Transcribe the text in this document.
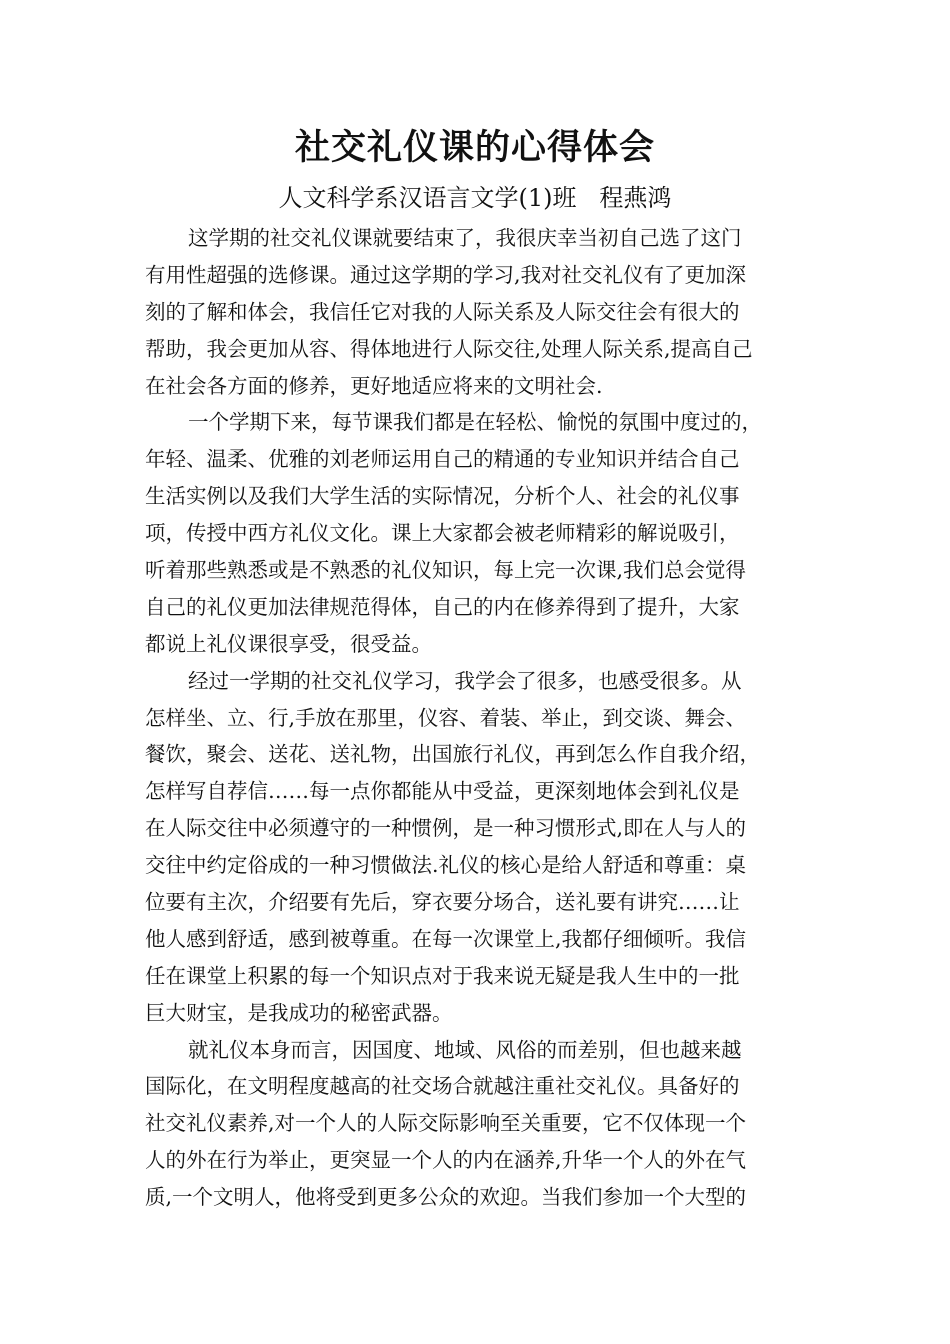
社交礼仪课的心得体会

人文科学系汉语言文学(1)班   程燕鸿

这学期的社交礼仪课就要结束了，我很庆幸当初自己选了这门
有用性超强的选修课。通过这学期的学习,我对社交礼仪有了更加深
刻的了解和体会，我信任它对我的人际关系及人际交往会有很大的
帮助，我会更加从容、得体地进行人际交往,处理人际关系,提高自己
在社会各方面的修养，更好地适应将来的文明社会.
一个学期下来，每节课我们都是在轻松、愉悦的氛围中度过的，
年轻、温柔、优雅的刘老师运用自己的精通的专业知识并结合自己
生活实例以及我们大学生活的实际情况，分析个人、社会的礼仪事
项，传授中西方礼仪文化。课上大家都会被老师精彩的解说吸引，
听着那些熟悉或是不熟悉的礼仪知识，每上完一次课,我们总会觉得
自己的礼仪更加法律规范得体，自己的内在修养得到了提升，大家
都说上礼仪课很享受，很受益。
经过一学期的社交礼仪学习，我学会了很多，也感受很多。从
怎样坐、立、行,手放在那里，仪容、着装、举止，到交谈、舞会、
餐饮，聚会、送花、送礼物，出国旅行礼仪，再到怎么作自我介绍，
怎样写自荐信……每一点你都能从中受益，更深刻地体会到礼仪是
在人际交往中必须遵守的一种惯例，是一种习惯形式,即在人与人的
交往中约定俗成的一种习惯做法.礼仪的核心是给人舒适和尊重：桌
位要有主次，介绍要有先后，穿衣要分场合，送礼要有讲究……让
他人感到舒适，感到被尊重。在每一次课堂上,我都仔细倾听。我信
任在课堂上积累的每一个知识点对于我来说无疑是我人生中的一批
巨大财宝，是我成功的秘密武器。
就礼仪本身而言，因国度、地域、风俗的而差别，但也越来越
国际化，在文明程度越高的社交场合就越注重社交礼仪。具备好的
社交礼仪素养,对一个人的人际交际影响至关重要，它不仅体现一个
人的外在行为举止，更突显一个人的内在涵养,升华一个人的外在气
质,一个文明人，他将受到更多公众的欢迎。当我们参加一个大型的
